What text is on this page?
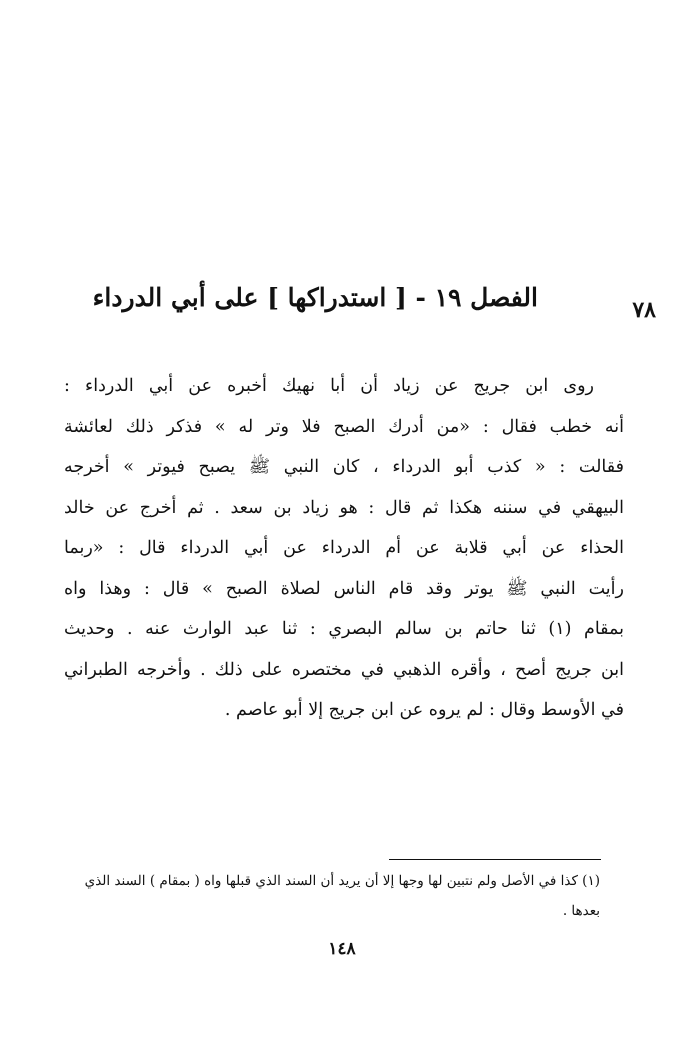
٧٨
الفصل ١٩ - [ استدراكها ] على أبي الدرداء
روى ابن جريج عن زياد أن أبا نهيك أخبره عن أبي الدرداء :
أنه خطب فقال : «من أدرك الصبح فلا وتر له » فذكر ذلك لعائشة
فقالت : « كذب أبو الدرداء ، كان النبي ﷺ يصبح فيوتر » أخرجه
البيهقي في سننه هكذا ثم قال : هو زياد بن سعد . ثم أخرج عن خالد
الحذاء عن أبي قلابة عن أم الدرداء عن أبي الدرداء قال : «ربما
رأيت النبي ﷺ يوتر وقد قام الناس لصلاة الصبح » قال : وهذا واه
بمقام (١) ثنا حاتم بن سالم البصري : ثنا عبد الوارث عنه . وحديث
ابن جريج أصح ، وأقره الذهبي في مختصره على ذلك . وأخرجه الطبراني
في الأوسط وقال : لم يروه عن ابن جريج إلا أبو عاصم .
(١) كذا في الأصل ولم نتبين لها وجها إلا أن يريد أن السند الذي قبلها واه ( بمقام ) السند الذي
بعدها .
١٤٨
